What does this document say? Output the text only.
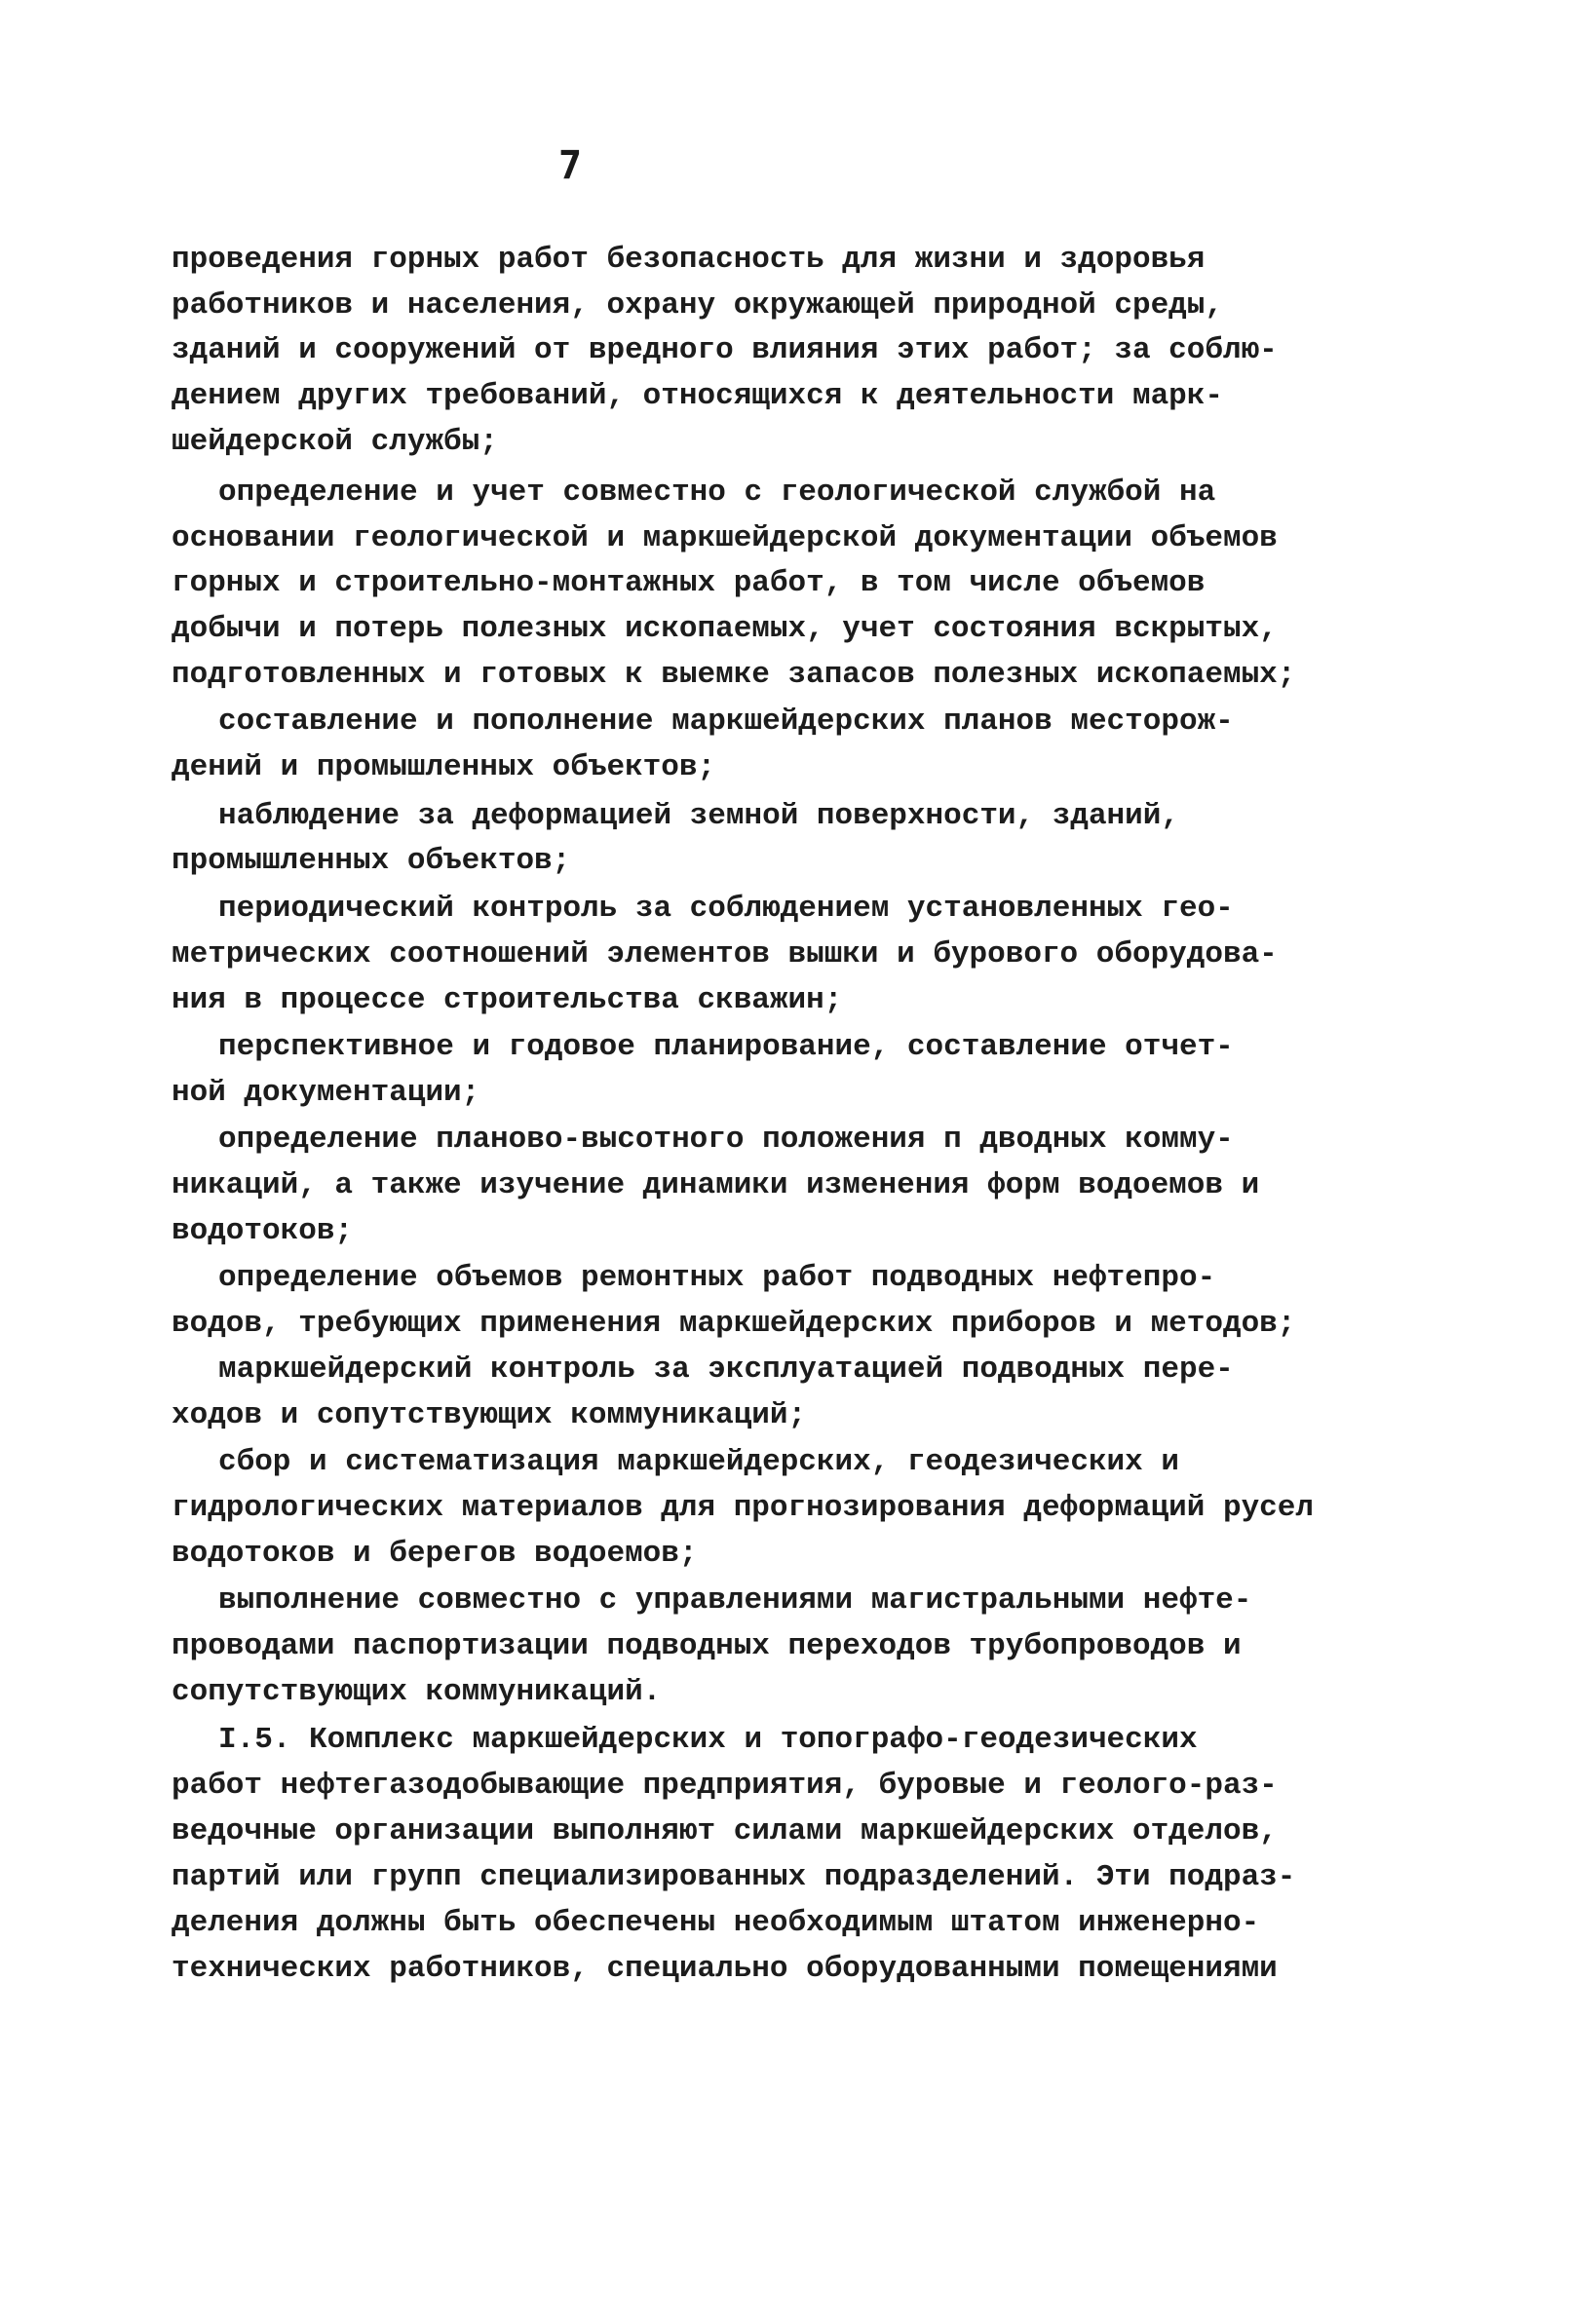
7

проведения горных работ безопасность для жизни и здоровья

работников и населения, охрану окружающей природной среды,

зданий и сооружений от вредного влияния этих работ; за соблю-

дением других требований, относящихся к деятельности марк-

шейдерской службы;

определение и учет совместно с геологической службой на

основании геологической и маркшейдерской документации объемов

горных и строительно-монтажных работ, в том числе объемов

добычи и потерь полезных ископаемых, учет состояния вскрытых,

подготовленных и готовых к выемке запасов полезных ископаемых;

составление и пополнение маркшейдерских планов месторож-

дений и промышленных объектов;

наблюдение за деформацией земной поверхности, зданий,

промышленных объектов;

периодический контроль за соблюдением установленных гео-

метрических соотношений элементов вышки и бурового оборудова-

ния в процессе строительства скважин;

перспективное и годовое планирование, составление отчет-

ной документации;

определение планово-высотного положения п дводных комму-

никаций, а также изучение динамики изменения форм водоемов и

водотоков;

определение объемов ремонтных работ подводных нефтепро-

водов, требующих применения маркшейдерских приборов и методов;

маркшейдерский контроль за эксплуатацией подводных пере-

ходов и сопутствующих коммуникаций;

сбор и систематизация маркшейдерских, геодезических и

гидрологических материалов для прогнозирования деформаций русел

водотоков и берегов водоемов;

выполнение совместно с управлениями магистральными нефте-

проводами паспортизации подводных переходов трубопроводов и

сопутствующих коммуникаций.

I.5. Комплекс маркшейдерских и топографо-геодезических

работ нефтегазодобывающие предприятия, буровые и геолого-раз-

ведочные организации выполняют силами маркшейдерских отделов,

партий или групп специализированных подразделений. Эти подраз-

деления должны быть обеспечены необходимым штатом инженерно-

технических работников, специально оборудованными помещениями
